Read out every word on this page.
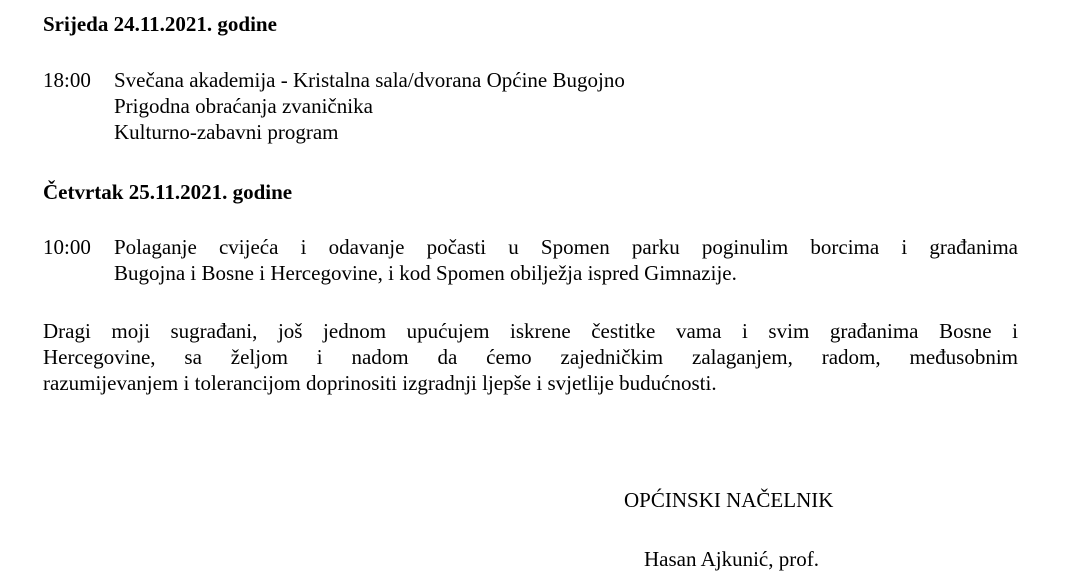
Srijeda 24.11.2021. godine
18:00 Svečana akademija - Kristalna sala/dvorana Općine Bugojno
Prigodna obraćanja zvaničnika
Kulturno-zabavni program
Četvrtak 25.11.2021. godine
10:00 Polaganje cvijeća i odavanje počasti u Spomen parku poginulim borcima i građanima
Bugojna i Bosne i Hercegovine, i kod Spomen obilježja ispred Gimnazije.
Dragi moji sugrađani, još jednom upućujem iskrene čestitke vama i svim građanima Bosne i
Hercegovine, sa željom i nadom da ćemo zajedničkim zalaganjem, radom, međusobnim
razumijevanjem i tolerancijom doprinositi izgradnji ljepše i svjetlije budućnosti.
OPĆINSKI NAČELNIK
Hasan Ajkunić, prof.
